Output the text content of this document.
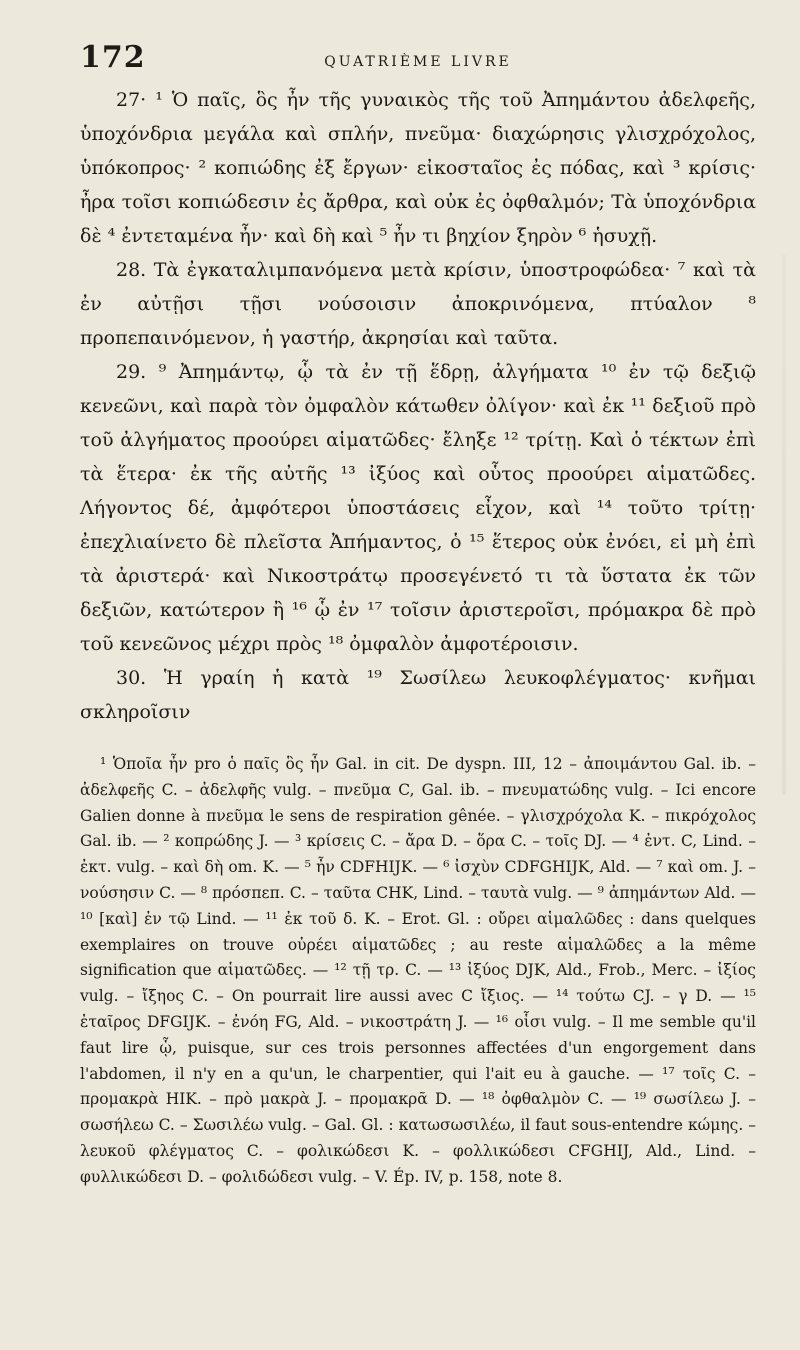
172	QUATRIÈME LIVRE

27· ¹ Ὁ παῖς, ὃς ἦν τῆς γυναικὸς τῆς τοῦ Ἀπημάντου ἀδελφεῆς, ὑποχόνδρια μεγάλα καὶ σπλήν, πνεῦμα· διαχώρησις γλισχρόχολος, ὑπόκοπρος· ² κοπιώδης ἐξ ἔργων· εἰκοσταῖος ἐς πόδας, καὶ ³ κρίσις· ἦρα τοῖσι κοπιώδεσιν ἐς ἄρθρα, καὶ οὐκ ἐς ὀφθαλμόν; Τὰ ὑποχόνδρια δὲ ⁴ ἐντεταμένα ἦν· καὶ δὴ καὶ ⁵ ἦν τι βηχίον ξηρὸν ⁶ ἡσυχῇ.

28. Τὰ ἐγκαταλιμπανόμενα μετὰ κρίσιν, ὑποστροφώδεα· ⁷ καὶ τὰ ἐν αὐτῇσι τῇσι νούσοισιν ἀποκρινόμενα, πτύαλον ⁸ προπεπαινόμενον, ἡ γαστήρ, ἀκρησίαι καὶ ταῦτα.

29. ⁹ Ἀπημάντῳ, ᾧ τὰ ἐν τῇ ἕδρῃ, ἀλγήματα ¹⁰ ἐν τῷ δεξιῷ κενεῶνι, καὶ παρὰ τὸν ὀμφαλὸν κάτωθεν ὀλίγον· καὶ ἐκ ¹¹ δεξιοῦ πρὸ τοῦ ἀλγήματος προούρει αἱματῶδες· ἔληξε ¹² τρίτῃ. Καὶ ὁ τέκτων ἐπὶ τὰ ἕτερα· ἐκ τῆς αὐτῆς ¹³ ἰξύος καὶ οὗτος προούρει αἱματῶδες. Λήγοντος δέ, ἀμφότεροι ὑποστάσεις εἶχον, καὶ ¹⁴ τοῦτο τρίτῃ· ἐπεχλιαίνετο δὲ πλεῖστα Ἀπήμαντος, ὁ ¹⁵ ἕτερος οὐκ ἐνόει, εἰ μὴ ἐπὶ τὰ ἀριστερά· καὶ Νικοστράτῳ προσεγένετό τι τὰ ὕστατα ἐκ τῶν δεξιῶν, κατώτερον ἢ ¹⁶ ᾧ ἐν ¹⁷ τοῖσιν ἀριστεροῖσι, πρόμακρα δὲ πρὸ τοῦ κενεῶνος μέχρι πρὸς ¹⁸ ὀμφαλὸν ἀμφοτέροισιν.

30. Ἡ γραίη ἡ κατὰ ¹⁹ Σωσίλεω λευκοφλέγματος· κνῆμαι σκληροῖσιν

¹ Ὁποῖα ἦν pro ὁ παῖς ὃς ἦν Gal. in cit. De dyspn. III, 12 – ἀποιμάντου Gal. ib. – ἀδελφεῆς C. – ἀδελφῆς vulg. – πνεῦμα C, Gal. ib. – πνευματώδης vulg. – Ici encore Galien donne à πνεῦμα le sens de respiration gênée. – γλισχρόχολα K. – πικρόχολος Gal. ib. — ² κοπρώδης J. — ³ κρίσεις C. – ἄρα D. – ὅρα C. – τοῖς DJ. — ⁴ ἐντ. C, Lind. – ἐκτ. vulg. – καὶ δὴ om. K. — ⁵ ἦν CDFHIJK. — ⁶ ἰσχὺν CDFGHIJK, Ald. — ⁷ καὶ om. J. – νούσησιν C. — ⁸ πρόσπεπ. C. – ταῦτα CHK, Lind. – ταυτὰ vulg. — ⁹ ἀπημάντων Ald. — ¹⁰ [καὶ] ἐν τῷ Lind. — ¹¹ ἐκ τοῦ δ. K. – Erot. Gl. : οὔρει αἱμαλῶδες : dans quelques exemplaires on trouve οὐρέει αἱματῶδες ; au reste αἱμαλῶδες a la même signification que αἱματῶδες. — ¹² τῇ τρ. C. — ¹³ ἰξύος DJK, Ald., Frob., Merc. – ἰξίος vulg. – ἴξηος C. – On pourrait lire aussi avec C ἴξιος. — ¹⁴ τούτω CJ. – γ D. — ¹⁵ ἑταῖρος DFGIJK. – ἐνόη FG, Ald. – νικοστράτη J. — ¹⁶ οἷσι vulg. – Il me semble qu'il faut lire ᾧ, puisque, sur ces trois personnes affectées d'un engorgement dans l'abdomen, il n'y en a qu'un, le charpentier, qui l'ait eu à gauche. — ¹⁷ τοῖς C. – προμακρὰ HIK. – πρὸ μακρὰ J. – προμακρᾶ D. — ¹⁸ ὀφθαλμὸν C. — ¹⁹ σωσίλεω J. – σωσήλεω C. – Σωσιλέω vulg. – Gal. Gl. : κατωσωσιλέω, il faut sous-entendre κώμης. – λευκοῦ φλέγματος C. – φολικώδεσι K. – φολλικώδεσι CFGHIJ, Ald., Lind. – φυλλικώδεσι D. – φολιδώδεσι vulg. – V. Ép. IV, p. 158, note 8.
